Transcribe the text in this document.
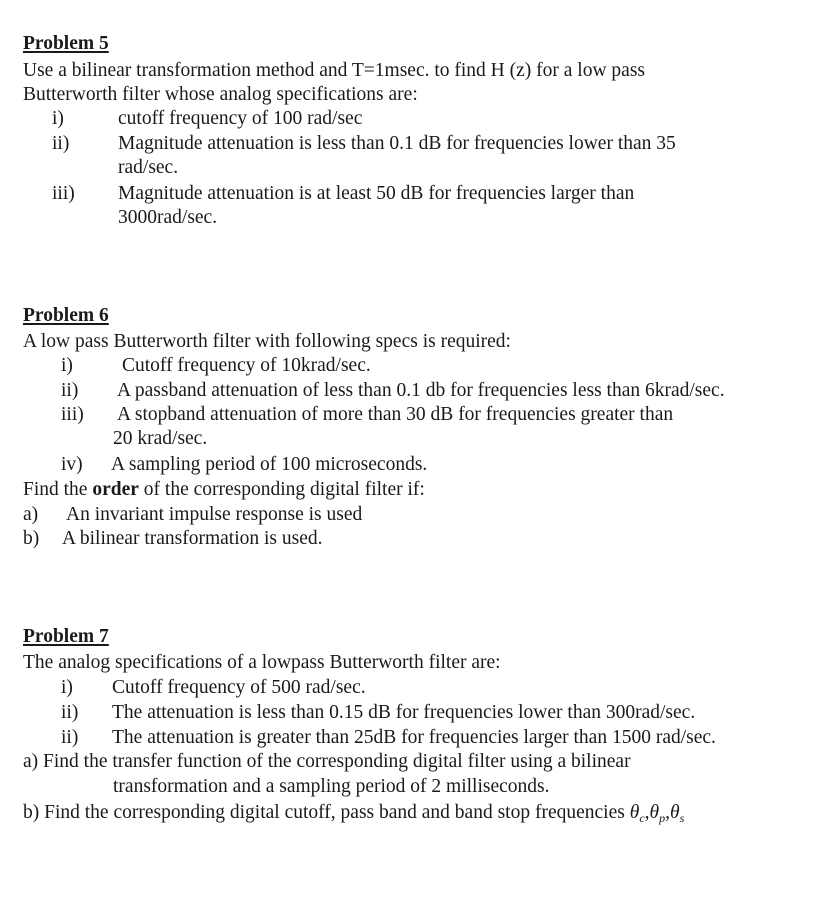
Problem 5
Use a bilinear transformation method and T=1msec. to find H (z) for a low pass
Butterworth filter whose analog specifications are:
i)	cutoff frequency of 100 rad/sec
ii) Magnitude attenuation is less than 0.1 dB for frequencies lower than 35
rad/sec.
iii) Magnitude attenuation is at least 50 dB for frequencies larger than
3000rad/sec.
Problem 6
A low pass Butterworth filter with following specs is required:
i)	Cutoff frequency of 10krad/sec.
ii) A passband attenuation of less than 0.1 db for frequencies less than 6krad/sec.
iii) A stopband attenuation of more than 30 dB for frequencies greater than
20 krad/sec.
iv) A sampling period of 100 microseconds.
Find the order of the corresponding digital filter if:
a) An invariant impulse response is used
b) A bilinear transformation is used.
Problem 7
The analog specifications of a lowpass Butterworth filter are:
i) Cutoff frequency of 500 rad/sec.
ii) The attenuation is less than 0.15 dB for frequencies lower than 300rad/sec.
ii) The attenuation is greater than 25dB for frequencies larger than 1500 rad/sec.
a) Find the transfer function of the corresponding digital filter using a bilinear
transformation and a sampling period of 2 milliseconds.
b) Find the corresponding digital cutoff, pass band and band stop frequencies $\theta_c,\theta_p,\theta_s$
